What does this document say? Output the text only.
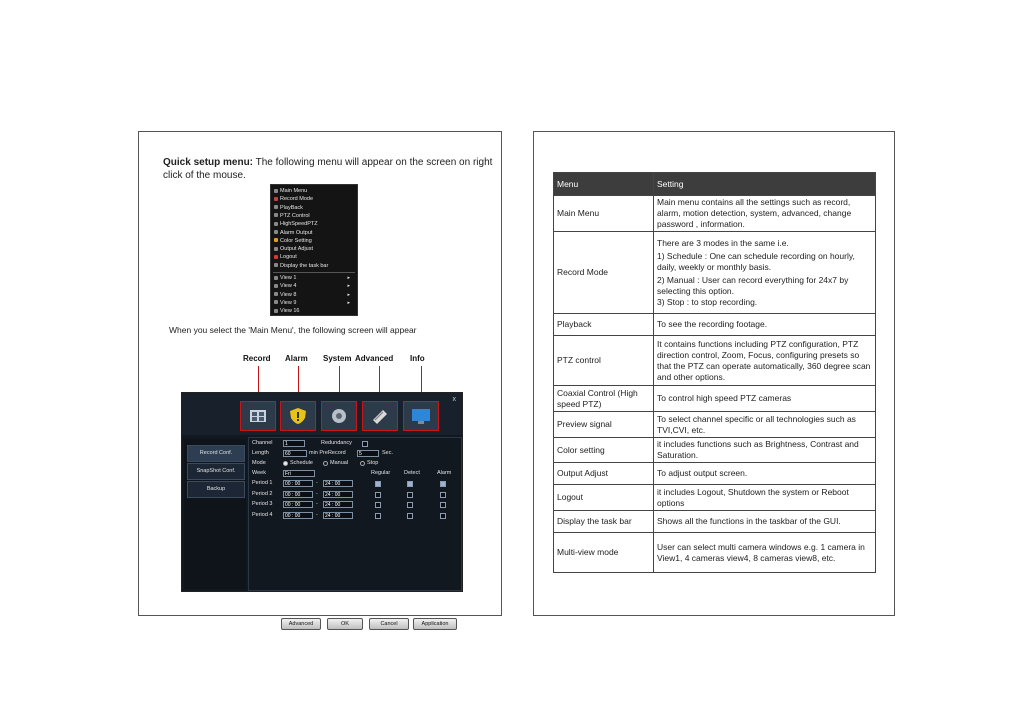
Quick setup menu: The following menu will appear on the screen on right click of the mouse.
Main Menu
Record Mode
PlayBack
PTZ Control
HighSpeedPTZ
Alarm Output
Color Setting
Output Adjust
Logout
Display the task bar
View 1	▸
View 4	▸
View 8	▸
View 9	▸
View 16
When you select the 'Main Menu', the following screen will appear
Record Alarm System Advanced Info
x
Record Conf.
SnapShot Conf.
Backup
Channel	1	Redundancy
Length	60	min PreRecord	5	Sec.
Mode	Schedule	Manual	Stop
Week	Fri	Regular Detect	Alarm
Period 1	00 : 00	-	24 : 00
Period 2	00 : 00	-	24 : 00
Period 3	00 : 00	-	24 : 00
Period 4	00 : 00	-	24 : 00
Advanced	OK	Cancel	Application
Menu	Setting
Main Menu	Main menu contains all the settings such as record, alarm, motion detection, system, advanced, change password , information.
Record Mode	There are 3 modes in the same i.e.
1) Schedule : One can schedule recording on hourly, daily, weekly or monthly basis.
2) Manual : User can record everything for 24x7 by selecting this option.
3) Stop : to stop recording.

Playback	To see the recording footage.
PTZ control	It contains functions including PTZ configuration, PTZ direction control, Zoom, Focus, configuring presets so that the PTZ can operate automatically, 360 degree scan and other options.
Coaxial Control (High speed PTZ)	To control high speed PTZ cameras
Preview signal	To select channel specific or all technologies such as TVI,CVI, etc.
Color setting	it includes functions such as Brightness, Contrast and Saturation.
Output Adjust	To adjust output screen.
Logout	it includes Logout, Shutdown the system or Reboot options
Display the task bar	Shows all the functions in the taskbar of the GUI.
Multi-view mode	User can select multi camera windows e.g. 1 camera in View1, 4 cameras view4, 8 cameras view8, etc.
